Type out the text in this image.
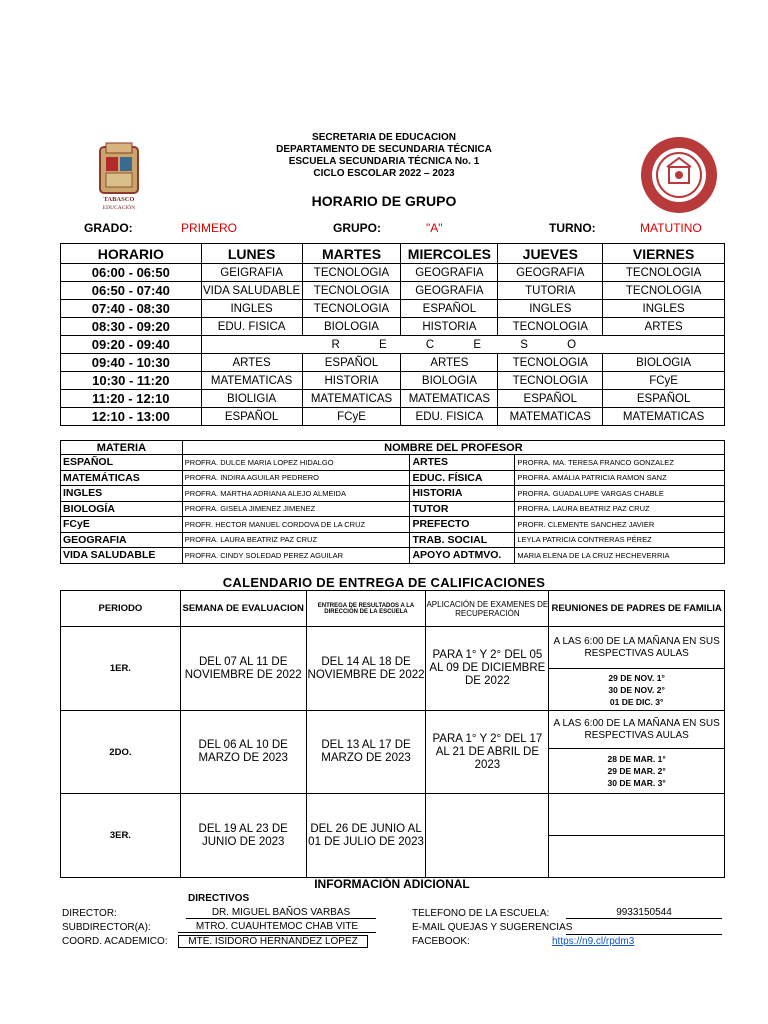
TABASCO
EDUCACIÓN
SECRETARIA DE EDUCACION
DEPARTAMENTO DE SECUNDARIA TÉCNICA
ESCUELA SECUNDARIA TÉCNICA No. 1
CICLO ESCOLAR 2022 – 2023
HORARIO DE GRUPO
GRADO:	PRIMERO	GRUPO:	"A"	TURNO:	MATUTINO
HORARIO	LUNES	MARTES	MIERCOLES	JUEVES	VIERNES
06:00 - 06:50	GEIGRAFIA	TECNOLOGIA	GEOGRAFIA	GEOGRAFIA	TECNOLOGIA
06:50 - 07:40	VIDA SALUDABLE	TECNOLOGIA	GEOGRAFIA	TUTORIA	TECNOLOGIA
07:40 - 08:30	INGLES	TECNOLOGIA	ESPAÑOL	INGLES	INGLES
08:30 - 09:20	EDU. FISICA	BIOLOGIA	HISTORIA	TECNOLOGIA	ARTES
09:20 - 09:40	R E C E S O				
09:40 - 10:30	ARTES	ESPAÑOL	ARTES	TECNOLOGIA	BIOLOGIA
10:30 - 11:20	MATEMATICAS	HISTORIA	BIOLOGIA	TECNOLOGIA	FCyE
11:20 - 12:10	BIOLIGIA	MATEMATICAS	MATEMATICAS	ESPAÑOL	ESPAÑOL
12:10 - 13:00	ESPAÑOL	FCyE	EDU. FISICA	MATEMATICAS	MATEMATICAS
MATERIA	NOMBRE DEL PROFESOR		
ESPAÑOL	PROFRA. DULCE MARIA LOPEZ HIDALGO	ARTES	PROFRA. MA. TERESA FRANCO GONZALEZ
MATEMÁTICAS	PROFRA. INDIRA AGUILAR PEDRERO	EDUC. FÍSICA	PROFRA. AMALIA PATRICIA RAMON SANZ
INGLES	PROFRA. MARTHA ADRIANA ALEJO ALMEIDA	HISTORIA	PROFRA. GUADALUPE VARGAS CHABLE
BIOLOGÍA	PROFRA. GISELA JIMENEZ JIMENEZ	TUTOR	PROFRA. LAURA BEATRIZ PAZ CRUZ
FCyE	PROFR. HECTOR MANUEL CORDOVA DE LA CRUZ	PREFECTO	PROFR. CLEMENTE SANCHEZ JAVIER
GEOGRAFIA	PROFRA. LAURA BEATRIZ PAZ CRUZ	TRAB. SOCIAL	LEYLA PATRICIA CONTRERAS PÉREZ
VIDA SALUDABLE	PROFRA. CINDY SOLEDAD PEREZ AGUILAR	APOYO ADTMVO.	MARIA ELENA DE LA CRUZ HECHEVERRIA
CALENDARIO DE ENTREGA DE CALIFICACIONES
PERIODO	SEMANA DE EVALUACION	ENTREGA DE RESULTADOS A LA DIRECCIÓN DE LA ESCUELA	APLICACIÓN DE EXAMENES DE RECUPERACIÓN	REUNIONES DE PADRES DE FAMILIA
1ER.	DEL 07 AL 11 DE NOVIEMBRE DE 2022	DEL 14 AL 18 DE NOVIEMBRE DE 2022	PARA 1° Y 2° DEL 05 AL 09 DE DICIEMBRE DE 2022	A LAS 6:00 DE LA MAÑANA EN SUS RESPECTIVAS AULAS

				29 DE NOV. 1°
30 DE NOV. 2°
01 DE DIC. 3°

2DO.	DEL 06 AL 10 DE MARZO DE 2023	DEL 13 AL 17 DE MARZO DE 2023	PARA 1° Y 2° DEL 17 AL 21 DE ABRIL DE 2023	A LAS 6:00 DE LA MAÑANA EN SUS RESPECTIVAS AULAS

				28 DE MAR. 1°
29 DE MAR. 2°
30 DE MAR. 3°

3ER.	DEL 19 AL 23 DE JUNIO DE 2023	DEL 26 DE JUNIO AL 01 DE JULIO DE 2023		

INFORMACIÓN ADICIONAL
DIRECTIVOS
DIRECTOR:	DR. MIGUEL BAÑOS VARBAS
SUBDIRECTOR(A):	MTRO. CUAUHTEMOC CHAB VITE
COORD. ACADEMICO:	MTE. ISIDORO HERNÁNDEZ LÓPEZ
TELEFONO DE LA ESCUELA:	9933150544
E-MAIL QUEJAS Y SUGERENCIAS
FACEBOOK:	https://n9.cl/rpdm3
